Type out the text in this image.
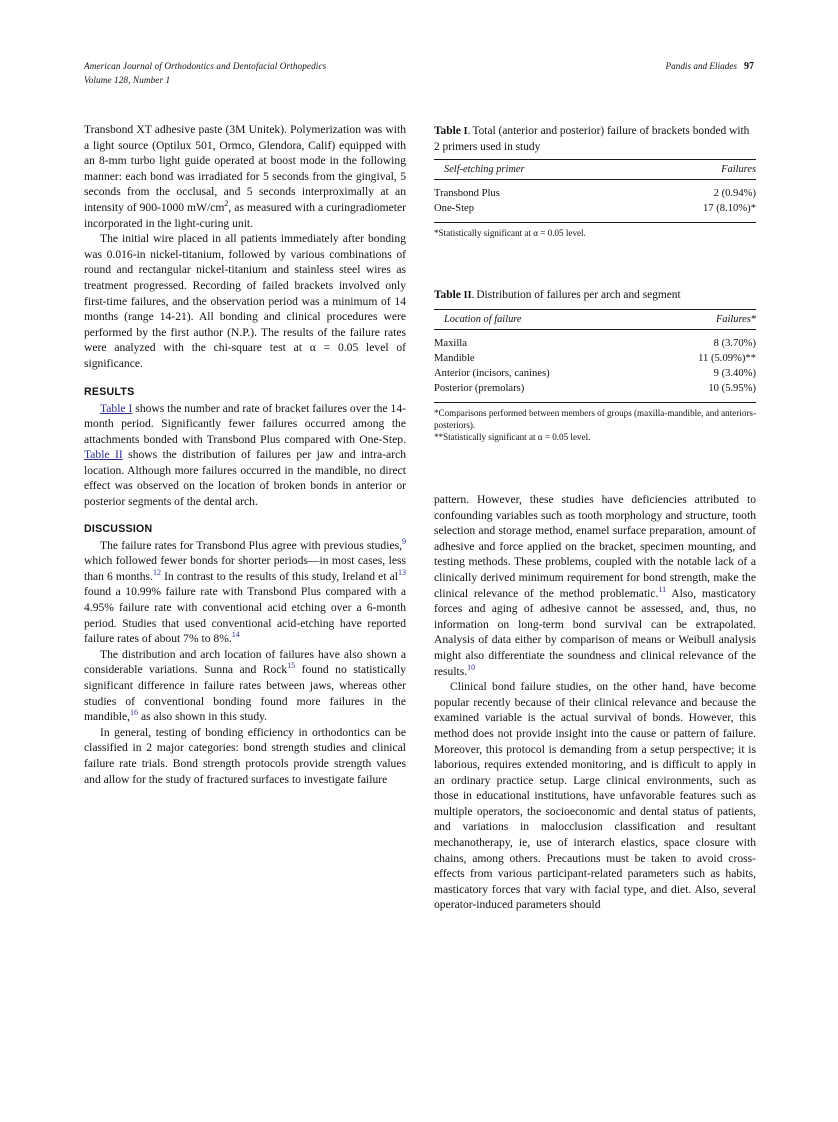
American Journal of Orthodontics and Dentofacial Orthopedics
Volume 128, Number 1
Pandis and Eliades 97

Transbond XT adhesive paste (3M Unitek). Polymerization was with a light source (Optilux 501, Ormco, Glendora, Calif) equipped with an 8-mm turbo light guide operated at boost mode in the following manner: each bond was irradiated for 5 seconds from the gingival, 5 seconds from the occlusal, and 5 seconds interproximally at an intensity of 900-1000 $mW/cm^2$, as measured with a curingradiometer incorporated in the light-curing unit.

The initial wire placed in all patients immediately after bonding was 0.016-in nickel-titanium, followed by various combinations of round and rectangular nickel-titanium and stainless steel wires as treatment progressed. Recording of failed brackets involved only first-time failures, and the observation period was a minimum of 14 months (range 14-21). All bonding and clinical procedures were performed by the first author (N.P.). The results of the failure rates were analyzed with the chi-square test at α = 0.05 level of significance.

RESULTS

Table I shows the number and rate of bracket failures over the 14-month period. Significantly fewer failures occurred among the attachments bonded with Transbond Plus compared with One-Step. Table II shows the distribution of failures per jaw and intra-arch location. Although more failures occurred in the mandible, no direct effect was observed on the location of broken bonds in anterior or posterior segments of the dental arch.

DISCUSSION

The failure rates for Transbond Plus agree with previous studies,$^9$ which followed fewer bonds for shorter periods—in most cases, less than 6 months.$^{12}$ In contrast to the results of this study, Ireland et al$^{13}$ found a 10.99% failure rate with Transbond Plus compared with a 4.95% failure rate with conventional acid etching over a 6-month period. Studies that used conventional acid-etching have reported failure rates of about 7% to 8%.$^{14}$

The distribution and arch location of failures have also shown a considerable variations. Sunna and Rock$^{15}$ found no statistically significant difference in failure rates between jaws, whereas other studies of conventional bonding found more failures in the mandible,$^{16}$ as also shown in this study.

In general, testing of bonding efficiency in orthodontics can be classified in 2 major categories: bond strength studies and clinical failure rate trials. Bond strength protocols provide strength values and allow for the study of fractured surfaces to investigate failure

Table I. Total (anterior and posterior) failure of brackets bonded with 2 primers used in study
Self-etching primer	Failures
Transbond Plus	2 (0.94%)
One-Step	17 (8.10%)*
*Statistically significant at α = 0.05 level.
Table II. Distribution of failures per arch and segment
Location of failure	Failures*
Maxilla	8 (3.70%)
Mandible	11 (5.09%)**
Anterior (incisors, canines)	9 (3.40%)
Posterior (premolars)	10 (5.95%)
*Comparisons performed between members of groups (maxilla-mandible, and anteriors-posteriors).
**Statistically significant at α = 0.05 level.

pattern. However, these studies have deficiencies attributed to confounding variables such as tooth morphology and structure, tooth selection and storage method, enamel surface preparation, amount of adhesive and force applied on the bracket, specimen mounting, and testing methods. These problems, coupled with the notable lack of a clinically derived minimum requirement for bond strength, make the clinical relevance of the method problematic.$^{11}$ Also, masticatory forces and aging of adhesive cannot be assessed, and, thus, no information on long-term bond survival can be extrapolated. Analysis of data either by comparison of means or Weibull analysis might also differentiate the soundness and clinical relevance of the results.$^{10}$

Clinical bond failure studies, on the other hand, have become popular recently because of their clinical relevance and because the examined variable is the actual survival of bonds. However, this method does not provide insight into the cause or pattern of failure. Moreover, this protocol is demanding from a setup perspective; it is laborious, requires extended monitoring, and is difficult to apply in an ordinary practice setup. Large clinical environments, such as those in educational institutions, have unfavorable features such as multiple operators, the socioeconomic and dental status of patients, and variations in malocclusion classification and resultant mechanotherapy, ie, use of interarch elastics, space closure with chains, among others. Precautions must be taken to avoid cross-effects from various participant-related parameters such as habits, masticatory forces that vary with facial type, and diet. Also, several operator-induced parameters should
